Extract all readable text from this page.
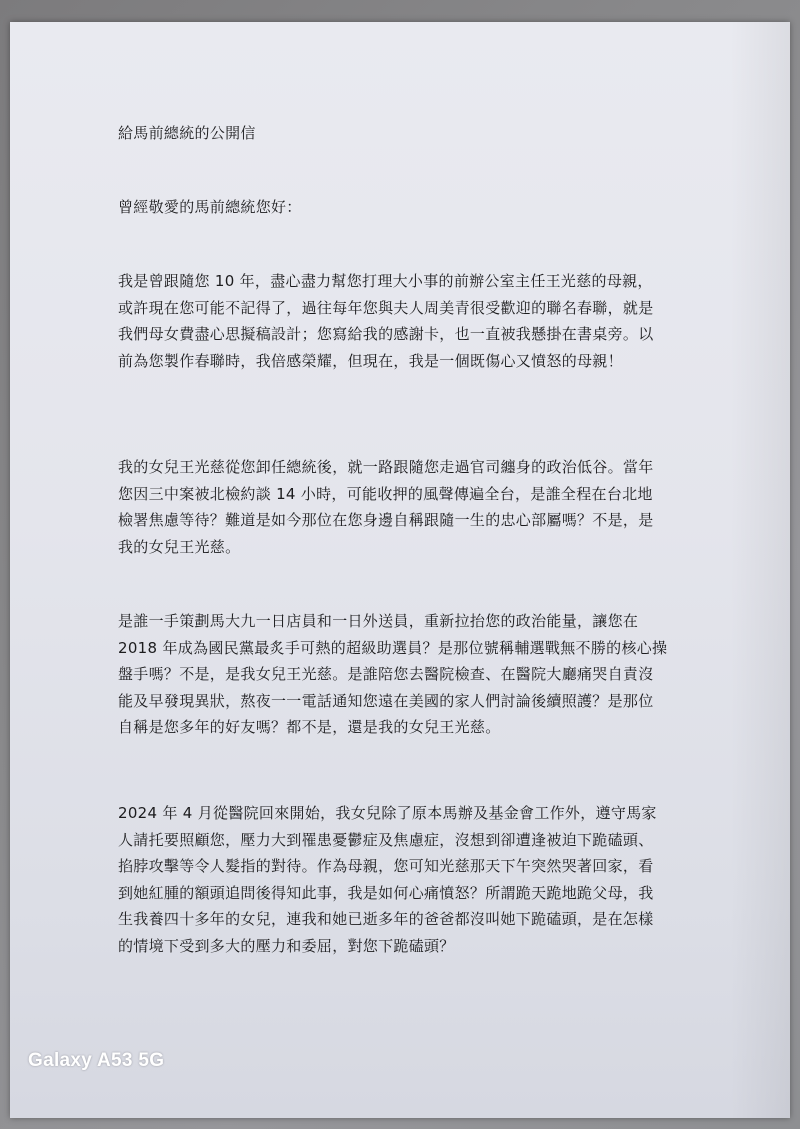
給馬前總統的公開信
曾經敬愛的馬前總統您好：
我是曾跟隨您 10 年，盡心盡力幫您打理大小事的前辦公室主任王光慈的母親，或許現在您可能不記得了，過往每年您與夫人周美青很受歡迎的聯名春聯，就是我們母女費盡心思擬稿設計；您寫給我的感謝卡，也一直被我懸掛在書桌旁。以前為您製作春聯時，我倍感榮耀，但現在，我是一個既傷心又憤怒的母親！
我的女兒王光慈從您卸任總統後，就一路跟隨您走過官司纏身的政治低谷。當年您因三中案被北檢約談 14 小時，可能收押的風聲傳遍全台，是誰全程在台北地檢署焦慮等待？難道是如今那位在您身邊自稱跟隨一生的忠心部屬嗎？不是，是我的女兒王光慈。
是誰一手策劃馬大九一日店員和一日外送員，重新拉抬您的政治能量，讓您在 2018 年成為國民黨最炙手可熱的超級助選員？是那位號稱輔選戰無不勝的核心操盤手嗎？不是，是我女兒王光慈。是誰陪您去醫院檢查、在醫院大廳痛哭自責沒能及早發現異狀，熬夜一一電話通知您遠在美國的家人們討論後續照護？是那位自稱是您多年的好友嗎？都不是，還是我的女兒王光慈。
2024 年 4 月從醫院回來開始，我女兒除了原本馬辦及基金會工作外，遵守馬家人請托要照顧您，壓力大到罹患憂鬱症及焦慮症，沒想到卻遭逢被迫下跪磕頭、掐脖攻擊等令人髮指的對待。作為母親，您可知光慈那天下午突然哭著回家，看到她紅腫的額頭追問後得知此事，我是如何心痛憤怒？所謂跪天跪地跪父母，我生我養四十多年的女兒，連我和她已逝多年的爸爸都沒叫她下跪磕頭，是在怎樣的情境下受到多大的壓力和委屈，對您下跪磕頭？
Galaxy A53 5G
